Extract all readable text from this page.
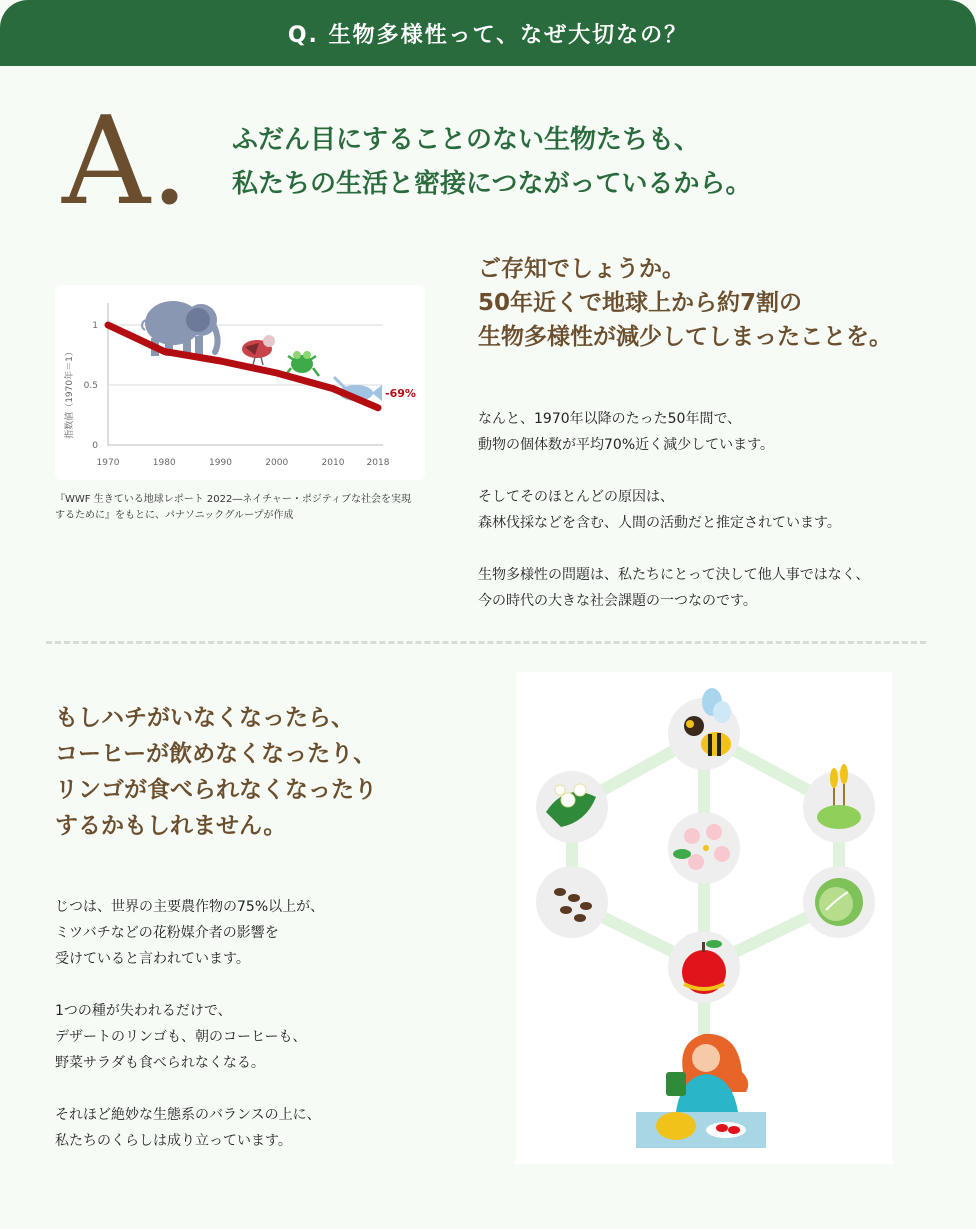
Q. 生物多様性って、なぜ大切なの？
A. ふだん目にすることのない生物たちも、
私たちの生活と密接につながっているから。
0
0.5
1
1970	1980	1990	2000	2010 2018
指数値（1970年＝1）	-69%
『WWF 生きている地球レポート 2022―ネイチャー・ポジティブな社会を実現
するために』をもとに、パナソニックグループが作成
ご存知でしょうか。
50年近くで地球上から約7割の
生物多様性が減少してしまったことを。

なんと、1970年以降のたった50年間で、
動物の個体数が平均70%近く減少しています。

そしてそのほとんどの原因は、
森林伐採などを含む、人間の活動だと推定されています。

生物多様性の問題は、私たちにとって決して他人事ではなく、
今の時代の大きな社会課題の一つなのです。

もしハチがいなくなったら、
コーヒーが飲めなくなったり、
リンゴが食べられなくなったり
するかもしれません。

じつは、世界の主要農作物の75%以上が、
ミツバチなどの花粉媒介者の影響を
受けていると言われています。

1つの種が失われるだけで、
デザートのリンゴも、朝のコーヒーも、
野菜サラダも食べられなくなる。

それほど絶妙な生態系のバランスの上に、
私たちのくらしは成り立っています。
